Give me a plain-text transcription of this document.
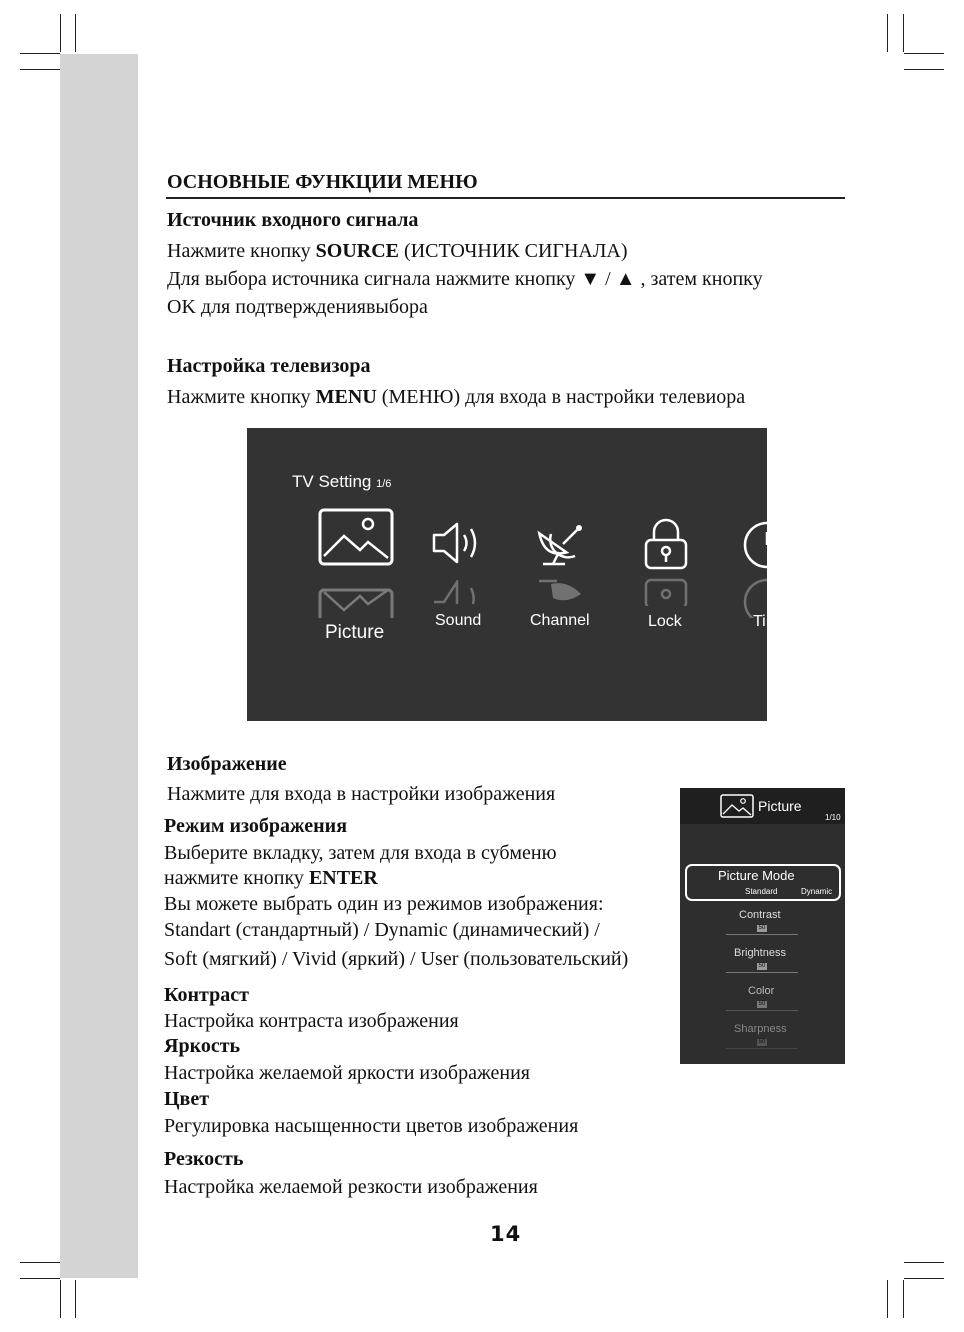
ОСНОВНЫЕ ФУНКЦИИ МЕНЮ
Источник входного сигнала
Нажмите кнопку SOURCE (ИСТОЧНИК СИГНАЛА)
Для выбора источника сигнала нажмите кнопку ▼ / ▲ , затем кнопку
OK для подтверждениявыбора
Настройка телевизора
Нажмите кнопку MENU (МЕНЮ) для входа в настройки телевиора
TV Setting 1/6
Picture
Sound	Channel	Lock	Ti
Изображение
Нажмите для входа в настройки изображения
Режим изображения
Выберите вкладку, затем для входа в субменю
нажмите кнопку ENTER
Вы можете выбрать один из режимов изображения:
Standart (стандартный) / Dynamic (динамический) /
Soft (мягкий) / Vivid (яркий) / User (пользовательский)
Контраст
Настройка контраста изображения
Яркость
Настройка желаемой яркости изображения
Цвет
Регулировка насыщенности цветов изображения
Резкость
Настройка желаемой резкости изображения
Picture
1/10
Picture Mode
Standard	Dynamic
Contrast
50
Brightness
50
Color
50
Sharpness
50
14
